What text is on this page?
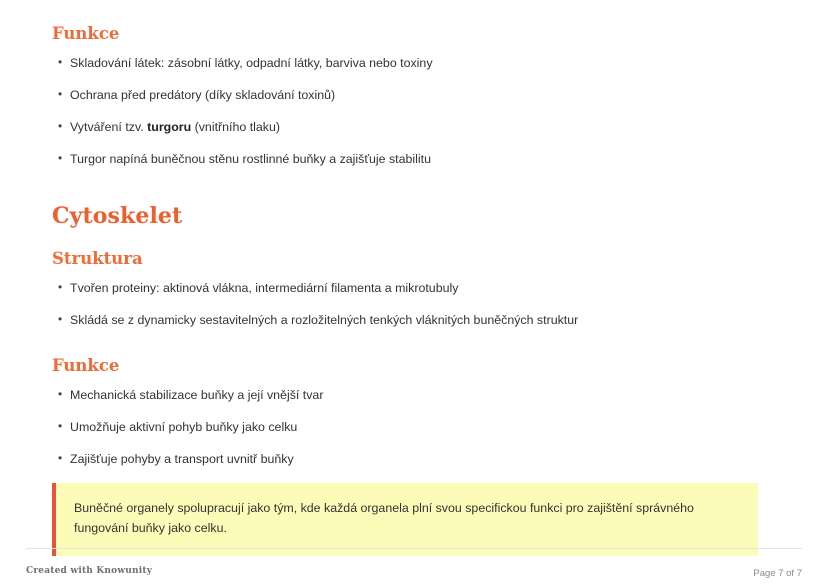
Funkce
• Skladování látek: zásobní látky, odpadní látky, barviva nebo toxiny
• Ochrana před predátory (díky skladování toxinů)
• Vytváření tzv. turgoru (vnitřního tlaku)
• Turgor napíná buněčnou stěnu rostlinné buňky a zajišťuje stabilitu
Cytoskelet
Struktura
• Tvořen proteiny: aktinová vlákna, intermediární filamenta a mikrotubuly
• Skládá se z dynamicky sestavitelných a rozložitelných tenkých vláknitých buněčných struktur
Funkce
• Mechanická stabilizace buňky a její vnější tvar
• Umožňuje aktivní pohyb buňky jako celku
• Zajišťuje pohyby a transport uvnitř buňky
Buněčné organely spolupracují jako tým, kde každá organela plní svou specifickou funkci pro zajištění správného fungování buňky jako celku.
Created with Knowunity	Page 7 of 7
